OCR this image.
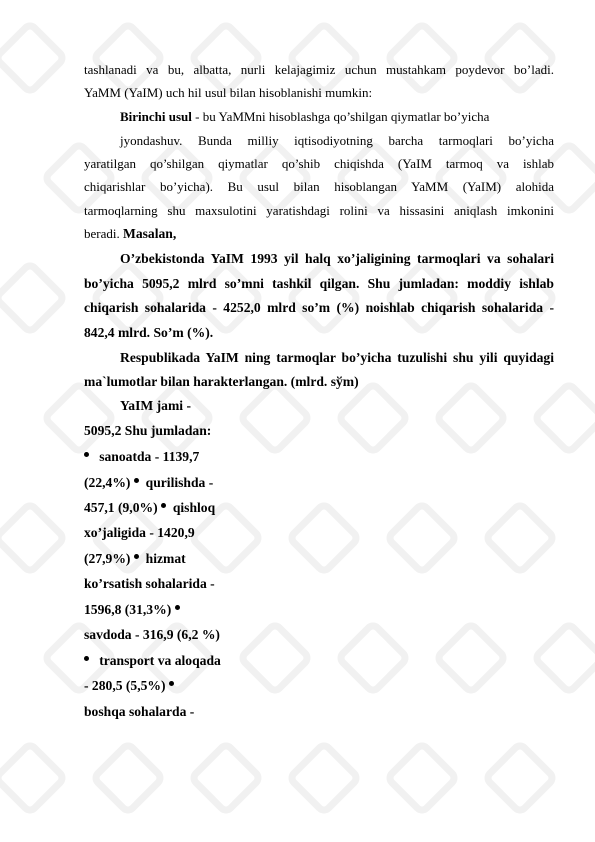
tashlanadi va bu, albatta, nurli kelajagimiz uchun mustahkam poydevor bo’ladi.
YaMM (YaIM) uch hil usul bilan hisoblanishi mumkin:
Birinchi usul - bu YaMMni hisoblashga qo’shilgan qiymatlar bo’yicha
jyondashuv. Bunda milliy iqtisodiyotning barcha tarmoqlari bo’yicha
yaratilgan qo’shilgan qiymatlar qo’shib chiqishda (YaIM tarmoq va ishlab
chiqarishlar bo’yicha). Bu usul bilan hisoblangan YaMM (YaIM) alohida
tarmoqlarning shu maxsulotini yaratishdagi rolini va hissasini aniqlash imkonini
beradi. Masalan,
O’zbekistonda YaIM 1993 yil halq xo’jaligining tarmoqlari va sohalari
bo’yicha 5095,2 mlrd so’mni tashkil qilgan. Shu jumladan: moddiy ishlab
chiqarish sohalarida - 4252,0 mlrd so’m (%) noishlab chiqarish sohalarida -
842,4 mlrd. So’m (%).
Respublikada YaIM ning tarmoqlar bo’yicha tuzulishi shu yili quyidagi
ma`lumotlar bilan harakterlangan. (mlrd. sўm)
YaIM jami -
5095,2 Shu jumladan:
sanoatda - 1139,7
(22,4%) qurilishda -
457,1 (9,0%) qishloq
xo’jaligida - 1420,9
(27,9%) hizmat
ko’rsatish sohalarida -
1596,8 (31,3%)
savdoda - 316,9 (6,2 %)
transport va aloqada
- 280,5 (5,5%)
boshqa sohalarda -
